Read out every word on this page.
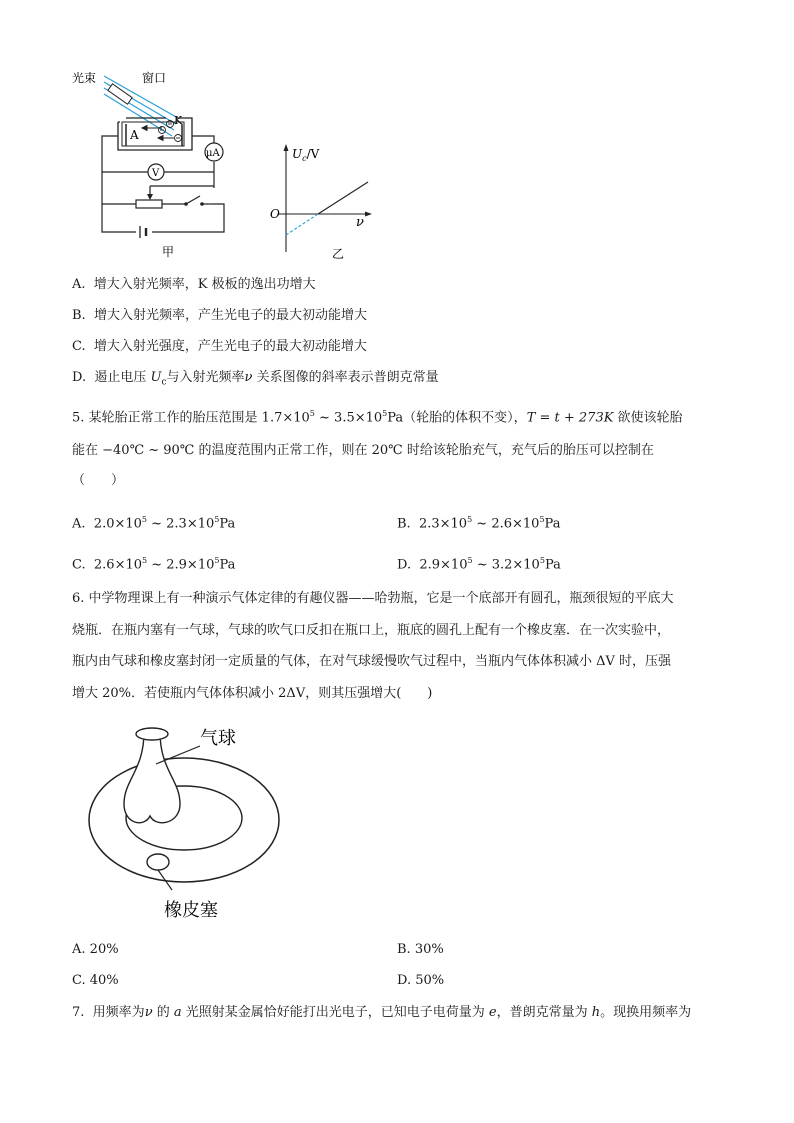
光束	窗口
A
K
μA
V
甲
$U_c/V$
O
ν
乙
A. 增大入射光频率，K 极板的逸出功增大
B. 增大入射光频率，产生光电子的最大初动能增大
C. 增大入射光强度，产生光电子的最大初动能增大
D. 遏止电压 $U_c$与入射光频率ν 关系图像的斜率表示普朗克常量
5. 某轮胎正常工作的胎压范围是 $1.7\times 10^5$ ~ $3.5\times 10^5Pa$（轮胎的体积不变），T = t + 273K 欲使该轮胎
能在 −40℃ ~ 90℃ 的温度范围内正常工作，则在 20℃ 时给该轮胎充气，充气后的胎压可以控制在
（　　）
A. $2.0\times 10^5$ ~ $2.3\times 10^5Pa$	B. $2.3\times 10^5$ ~ $2.6\times 10^5Pa$
C. $2.6\times 10^5$ ~ $2.9\times 10^5Pa$	D. $2.9\times 10^5$ ~ $3.2\times 10^5Pa$
6. 中学物理课上有一种演示气体定律的有趣仪器——哈勃瓶，它是一个底部开有圆孔，瓶颈很短的平底大
烧瓶．在瓶内塞有一气球，气球的吹气口反扣在瓶口上，瓶底的圆孔上配有一个橡皮塞．在一次实验中，
瓶内由气球和橡皮塞封闭一定质量的气体，在对气球缓慢吹气过程中，当瓶内气体体积减小 ΔV 时，压强
增大 20%．若使瓶内气体体积减小 2ΔV，则其压强增大(　　)
气球
橡皮塞
A. 20%	B. 30%
C. 40%	D. 50%
7. 用频率为ν 的 a 光照射某金属恰好能打出光电子，已知电子电荷量为 e，普朗克常量为 h。现换用频率为
